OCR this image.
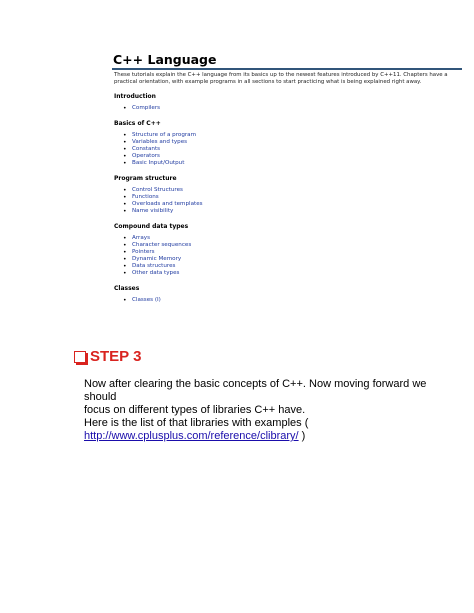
C++ Language
These tutorials explain the C++ language from its basics up to the newest features introduced by C++11. Chapters have a practical orientation, with example programs in all sections to start practicing what is being explained right away.
Introduction
• Compilers
Basics of C++
• Structure of a program
• Variables and types
• Constants
• Operators
• Basic Input/Output
Program structure
• Control Structures
• Functions
• Overloads and templates
• Name visibility
Compound data types
• Arrays
• Character sequences
• Pointers
• Dynamic Memory
• Data structures
• Other data types
Classes
• Classes (I)
STEP 3
Now after clearing the basic concepts of C++. Now moving forward we should
focus on different types of libraries C++ have.
Here is the list of that libraries with examples (
http://www.cplusplus.com/reference/clibrary/ )
